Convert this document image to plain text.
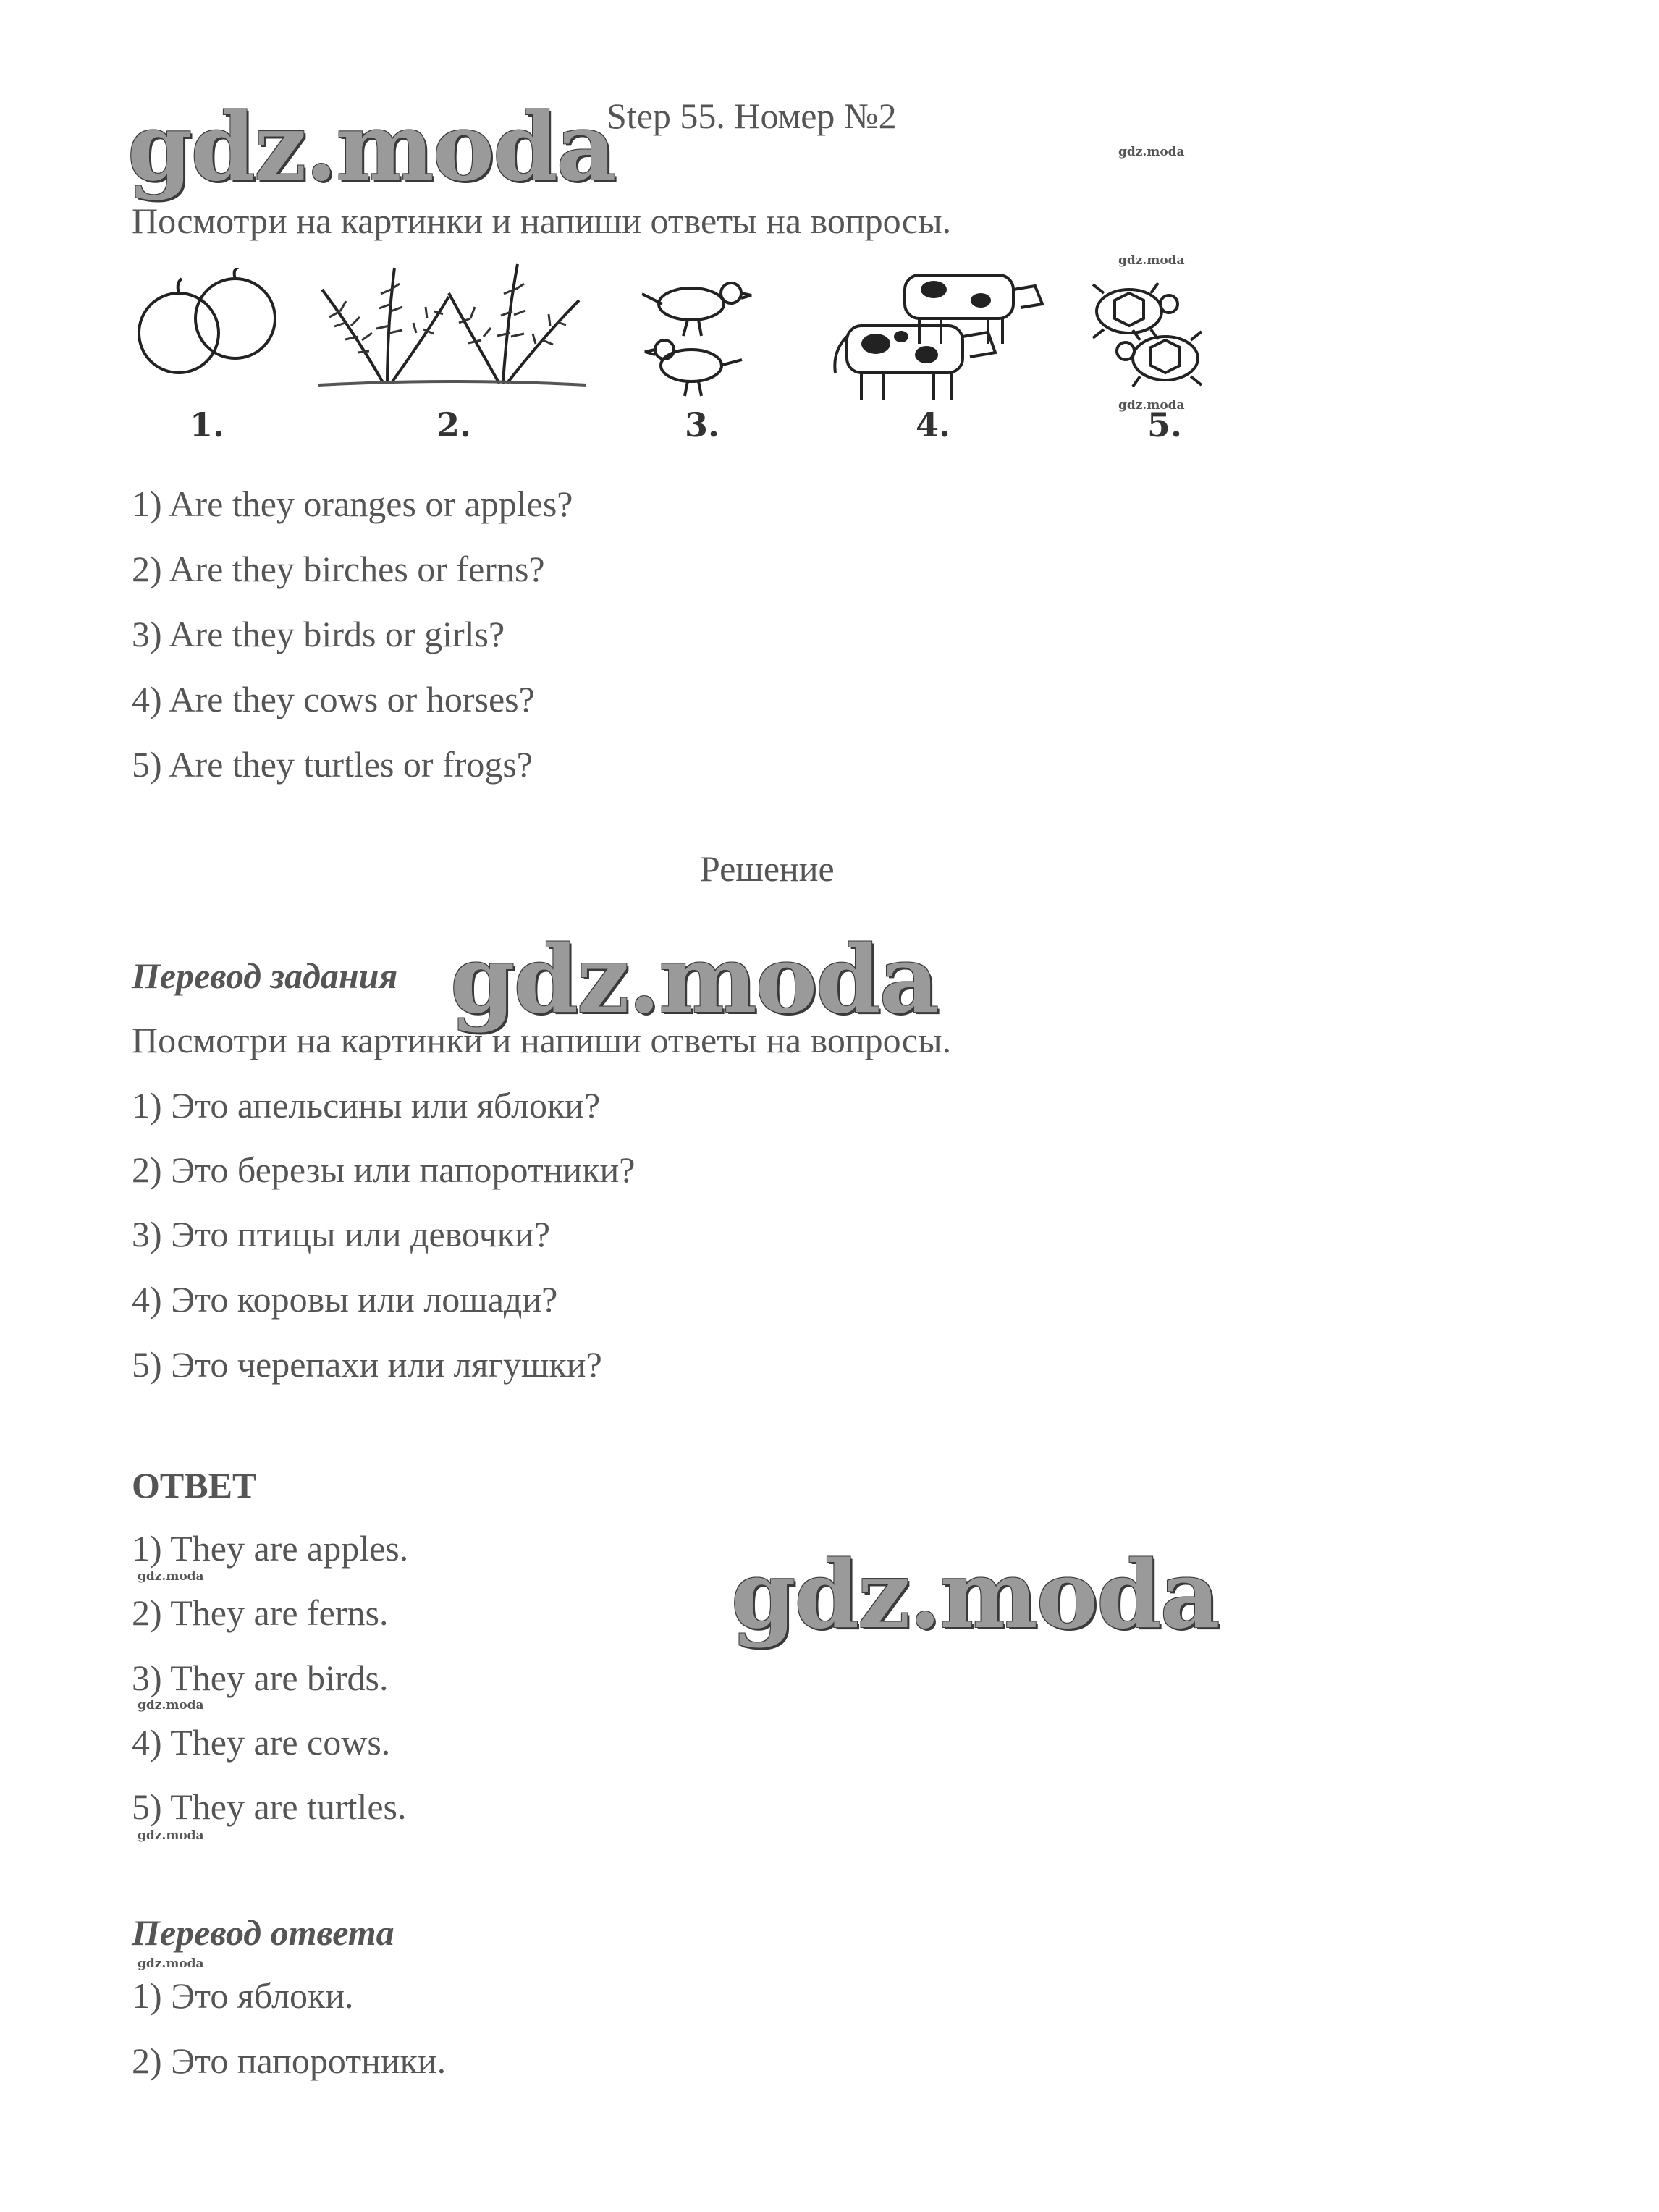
Step 55. Номер №2
gdz.moda	gdz.moda
Посмотри на картинки и напиши ответы на вопросы.
1.	2.	3.	4.	5.
gdz.moda
gdz.moda
1) Are they oranges or apples?
2) Are they birches or ferns?
3) Are they birds or girls?
4) Are they cows or horses?
5) Are they turtles or frogs?
Решение
Перевод задания gdz.moda
Посмотри на картинки и напиши ответы на вопросы.
1) Это апельсины или яблоки?
2) Это березы или папоротники?
3) Это птицы или девочки?
4) Это коровы или лошади?
5) Это черепахи или лягушки?
ОТВЕТ
1) They are apples.
gdz.moda
2) They are ferns.
3) They are birds.
gdz.moda
4) They are cows.
5) They are turtles.
gdz.moda
gdz.moda
Перевод ответа
gdz.moda
1) Это яблоки.
2) Это папоротники.
